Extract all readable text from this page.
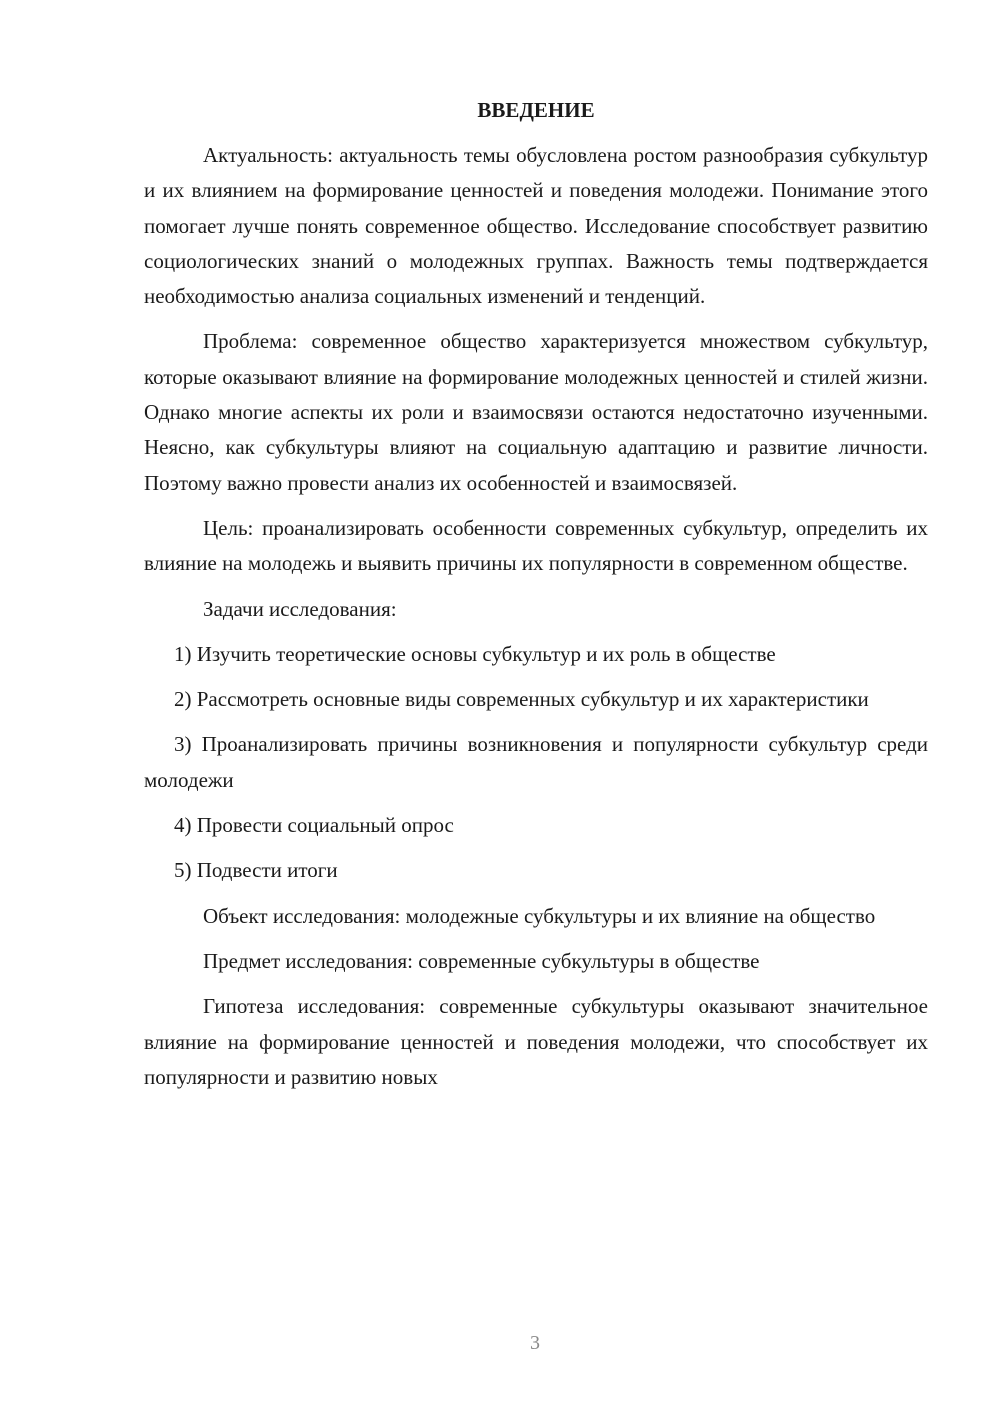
ВВЕДЕНИЕ

Актуальность: актуальность темы обусловлена ростом разнообразия субкультур и их влиянием на формирование ценностей и поведения молодежи. Понимание этого помогает лучше понять современное общество. Исследование способствует развитию социологических знаний о молодежных группах. Важность темы подтверждается необходимостью анализа социальных изменений и тенденций.

Проблема: современное общество характеризуется множеством субкультур, которые оказывают влияние на формирование молодежных ценностей и стилей жизни. Однако многие аспекты их роли и взаимосвязи остаются недостаточно изученными. Неясно, как субкультуры влияют на социальную адаптацию и развитие личности. Поэтому важно провести анализ их особенностей и взаимосвязей.

Цель: проанализировать особенности современных субкультур, определить их влияние на молодежь и выявить причины их популярности в современном обществе.

Задачи исследования:

1) Изучить теоретические основы субкультур и их роль в обществе

2) Рассмотреть основные виды современных субкультур и их характеристики

3) Проанализировать причины возникновения и популярности субкультур среди молодежи

4) Провести социальный опрос

5) Подвести итоги

Объект исследования: молодежные субкультуры и их влияние на общество

Предмет исследования: современные субкультуры в обществе

Гипотеза исследования: современные субкультуры оказывают значительное влияние на формирование ценностей и поведения молодежи, что способствует их популярности и развитию новых

3
